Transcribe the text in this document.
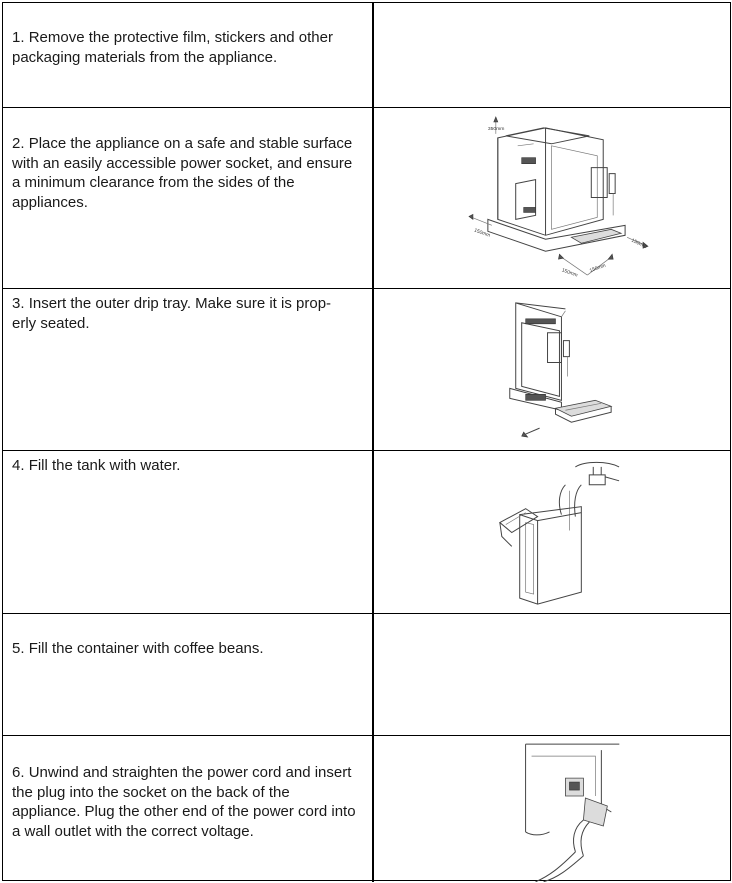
1. Remove the protective film, stickers and other packaging materials from the appliance.
2. Place the appliance on a safe and stable surface with an easily accessible power socket, and ensure a minimum clearance from the sides of the appliances.
350mm
150mm
150mm
150mm 150mm
3. Insert the outer drip tray. Make sure it is prop-
erly seated.
4. Fill the tank with water.
5. Fill the container with coffee beans.
6. Unwind and straighten the power cord and insert the plug into the socket on the back of the appliance. Plug the other end of the power cord into a wall outlet with the correct voltage.
